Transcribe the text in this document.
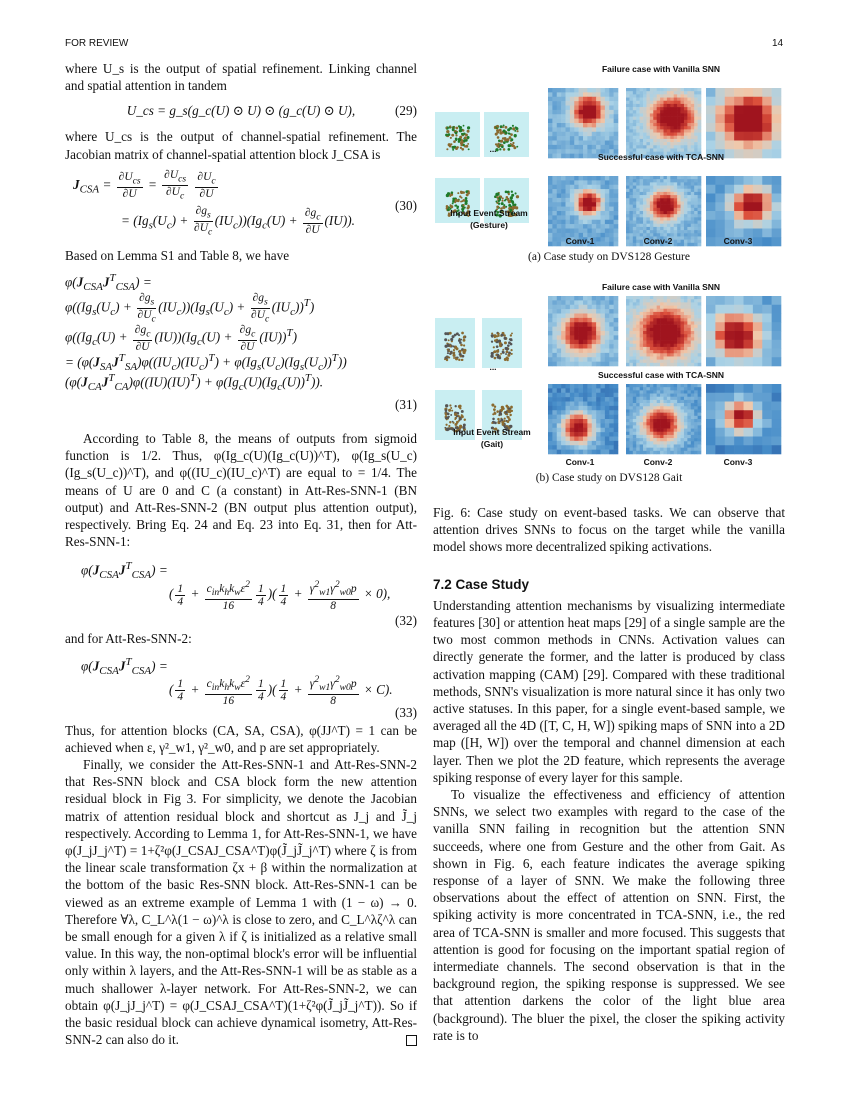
FOR REVIEW	14

where U_s is the output of spatial refinement. Linking channel and spatial attention in tandem

U_cs = g_s(g_c(U) ⊙ U) ⊙ (g_c(U) ⊙ U),	(29)

where U_cs is the output of channel-spatial refinement. The Jacobian matrix of channel-spatial attention block J_CSA is

$J_{CSA} = \frac{\partial U_{cs}}{\partial U} = \frac{\partial U_{cs}}{\partial U_c}$
$\frac{\partial U_c}{\partial U}$
= $(Ig_s(U_c) + \frac{\partial g_s}{\partial U_c} (IU_c))(Ig_c(U) + \frac{\partial g_c}{\partial U} (IU))$.
(30)

Based on Lemma S1 and Table 8, we have

$\varphi(J_{CSA}J^T_{CSA})$ =
$\varphi((Ig_s(U_c) + \frac{\partial g_s}{\partial U_c} (IU_c))(Ig_s(U_c) + \frac{\partial g_s}{\partial U_c} (IU_c))^T)$
$\varphi((Ig_c(U) + \frac{\partial g_c}{\partial U} (IU))(Ig_c(U) + \frac{\partial g_c}{\partial U} (IU))^T)$
= $(\varphi(J_{SA}J^T_{SA})\varphi((IU_c)(IU_c)^T) + \varphi(Ig_s(U_c)(Ig_s(U_c))^T))$
$(\varphi(J_{CA}J^T_{CA})\varphi((IU)(IU)^T) + \varphi(Ig_c(U)(Ig_c(U))^T))$.
(31)

According to Table 8, the means of outputs from sigmoid function is 1/2. Thus, φ(Ig_c(U)(Ig_c(U))^T), φ(Ig_s(U_c)(Ig_s(U_c))^T), and φ((IU_c)(IU_c)^T) are equal to = 1/4. The means of U are 0 and C (a constant) in Att-Res-SNN-1 (BN output) and Att-Res-SNN-2 (BN output plus attention output), respectively. Bring Eq. 24 and Eq. 23 into Eq. 31, then for Att-Res-SNN-1:

$\varphi(J_{CSA}J^T_{CSA})$ =
( $\frac{1}{4} + \frac{c_{in}k_hk_w\varepsilon^2}{16} \frac{1}{4}$ )( $\frac{1}{4} + \frac{\gamma^2_{w1}\gamma^2_{w0}p}{8} \times 0$),
(32)

and for Att-Res-SNN-2:

$\varphi(J_{CSA}J^T_{CSA})$ =
( $\frac{1}{4} + \frac{c_{in}k_hk_w\varepsilon^2}{16} \frac{1}{4}$ )( $\frac{1}{4} + \frac{\gamma^2_{w1}\gamma^2_{w0}p}{8} \times C$).
(33)

Thus, for attention blocks (CA, SA, CSA), φ(JJ^T) = 1 can be achieved when ε, γ²_w1, γ²_w0, and p are set appropriately.

Finally, we consider the Att-Res-SNN-1 and Att-Res-SNN-2 that Res-SNN block and CSA block form the new attention residual block in Fig 3. For simplicity, we denote the Jacobian matrix of attention residual block and shortcut as J_j and J̃_j respectively. According to Lemma 1, for Att-Res-SNN-1, we have φ(J_jJ_j^T) = 1+ζ²φ(J_CSAJ_CSA^T)φ(J̃_jJ̃_j^T) where ζ is from the linear scale transformation ζx + β within the normalization at the bottom of the basic Res-SNN block. Att-Res-SNN-1 can be viewed as an extreme example of Lemma 1 with (1 − ω) → 0. Therefore ∀λ, C_L^λ(1 − ω)^λ is close to zero, and C_L^λζ^λ can be small enough for a given λ if ζ is initialized as a relative small value. In this way, the non-optimal block's error will be influential only within λ layers, and the Att-Res-SNN-1 will be as stable as a much shallower λ-layer network. For Att-Res-SNN-2, we can obtain φ(J_jJ_j^T) = φ(J_CSAJ_CSA^T)(1+ζ²φ(J̃_jJ̃_j^T)). So if the basic residual block can achieve dynamical isometry, Att-Res-SNN-2 can also do it.

Failure case with Vanilla SNN
Successful case with TCA-SNN
Input Event Stream (Gesture)
Conv-1	Conv-2	Conv-3
(a) Case study on DVS128 Gesture
Failure case with Vanilla SNN
Successful case with TCA-SNN
Input Event Stream (Gait)
Conv-1	Conv-2	Conv-3
(b) Case study on DVS128 Gait
...
...

Fig. 6: Case study on event-based tasks. We can observe that attention drives SNNs to focus on the target while the vanilla model shows more decentralized spiking activations.

7.2 Case Study

Understanding attention mechanisms by visualizing intermediate features [30] or attention heat maps [29] of a single sample are the two most common methods in CNNs. Activation values can directly generate the former, and the latter is produced by class activation mapping (CAM) [29]. Compared with these traditional methods, SNN's visualization is more natural since it has only two active statuses. In this paper, for a single event-based sample, we averaged all the 4D ([T, C, H, W]) spiking maps of SNN into a 2D map ([H, W]) over the temporal and channel dimension at each layer. Then we plot the 2D feature, which represents the average spiking response of every layer for this sample.

To visualize the effectiveness and efficiency of attention SNNs, we select two examples with regard to the case of the vanilla SNN failing in recognition but the attention SNN succeeds, where one from Gesture and the other from Gait. As shown in Fig. 6, each feature indicates the average spiking response of a layer of SNN. We make the following three observations about the effect of attention on SNN. First, the spiking activity is more concentrated in TCA-SNN, i.e., the red area of TCA-SNN is smaller and more focused. This suggests that attention is good for focusing on the important spatial region of intermediate channels. The second observation is that in the background region, the spiking response is suppressed. We see that attention darkens the color of the light blue area (background). The bluer the pixel, the closer the spiking activity rate is to
